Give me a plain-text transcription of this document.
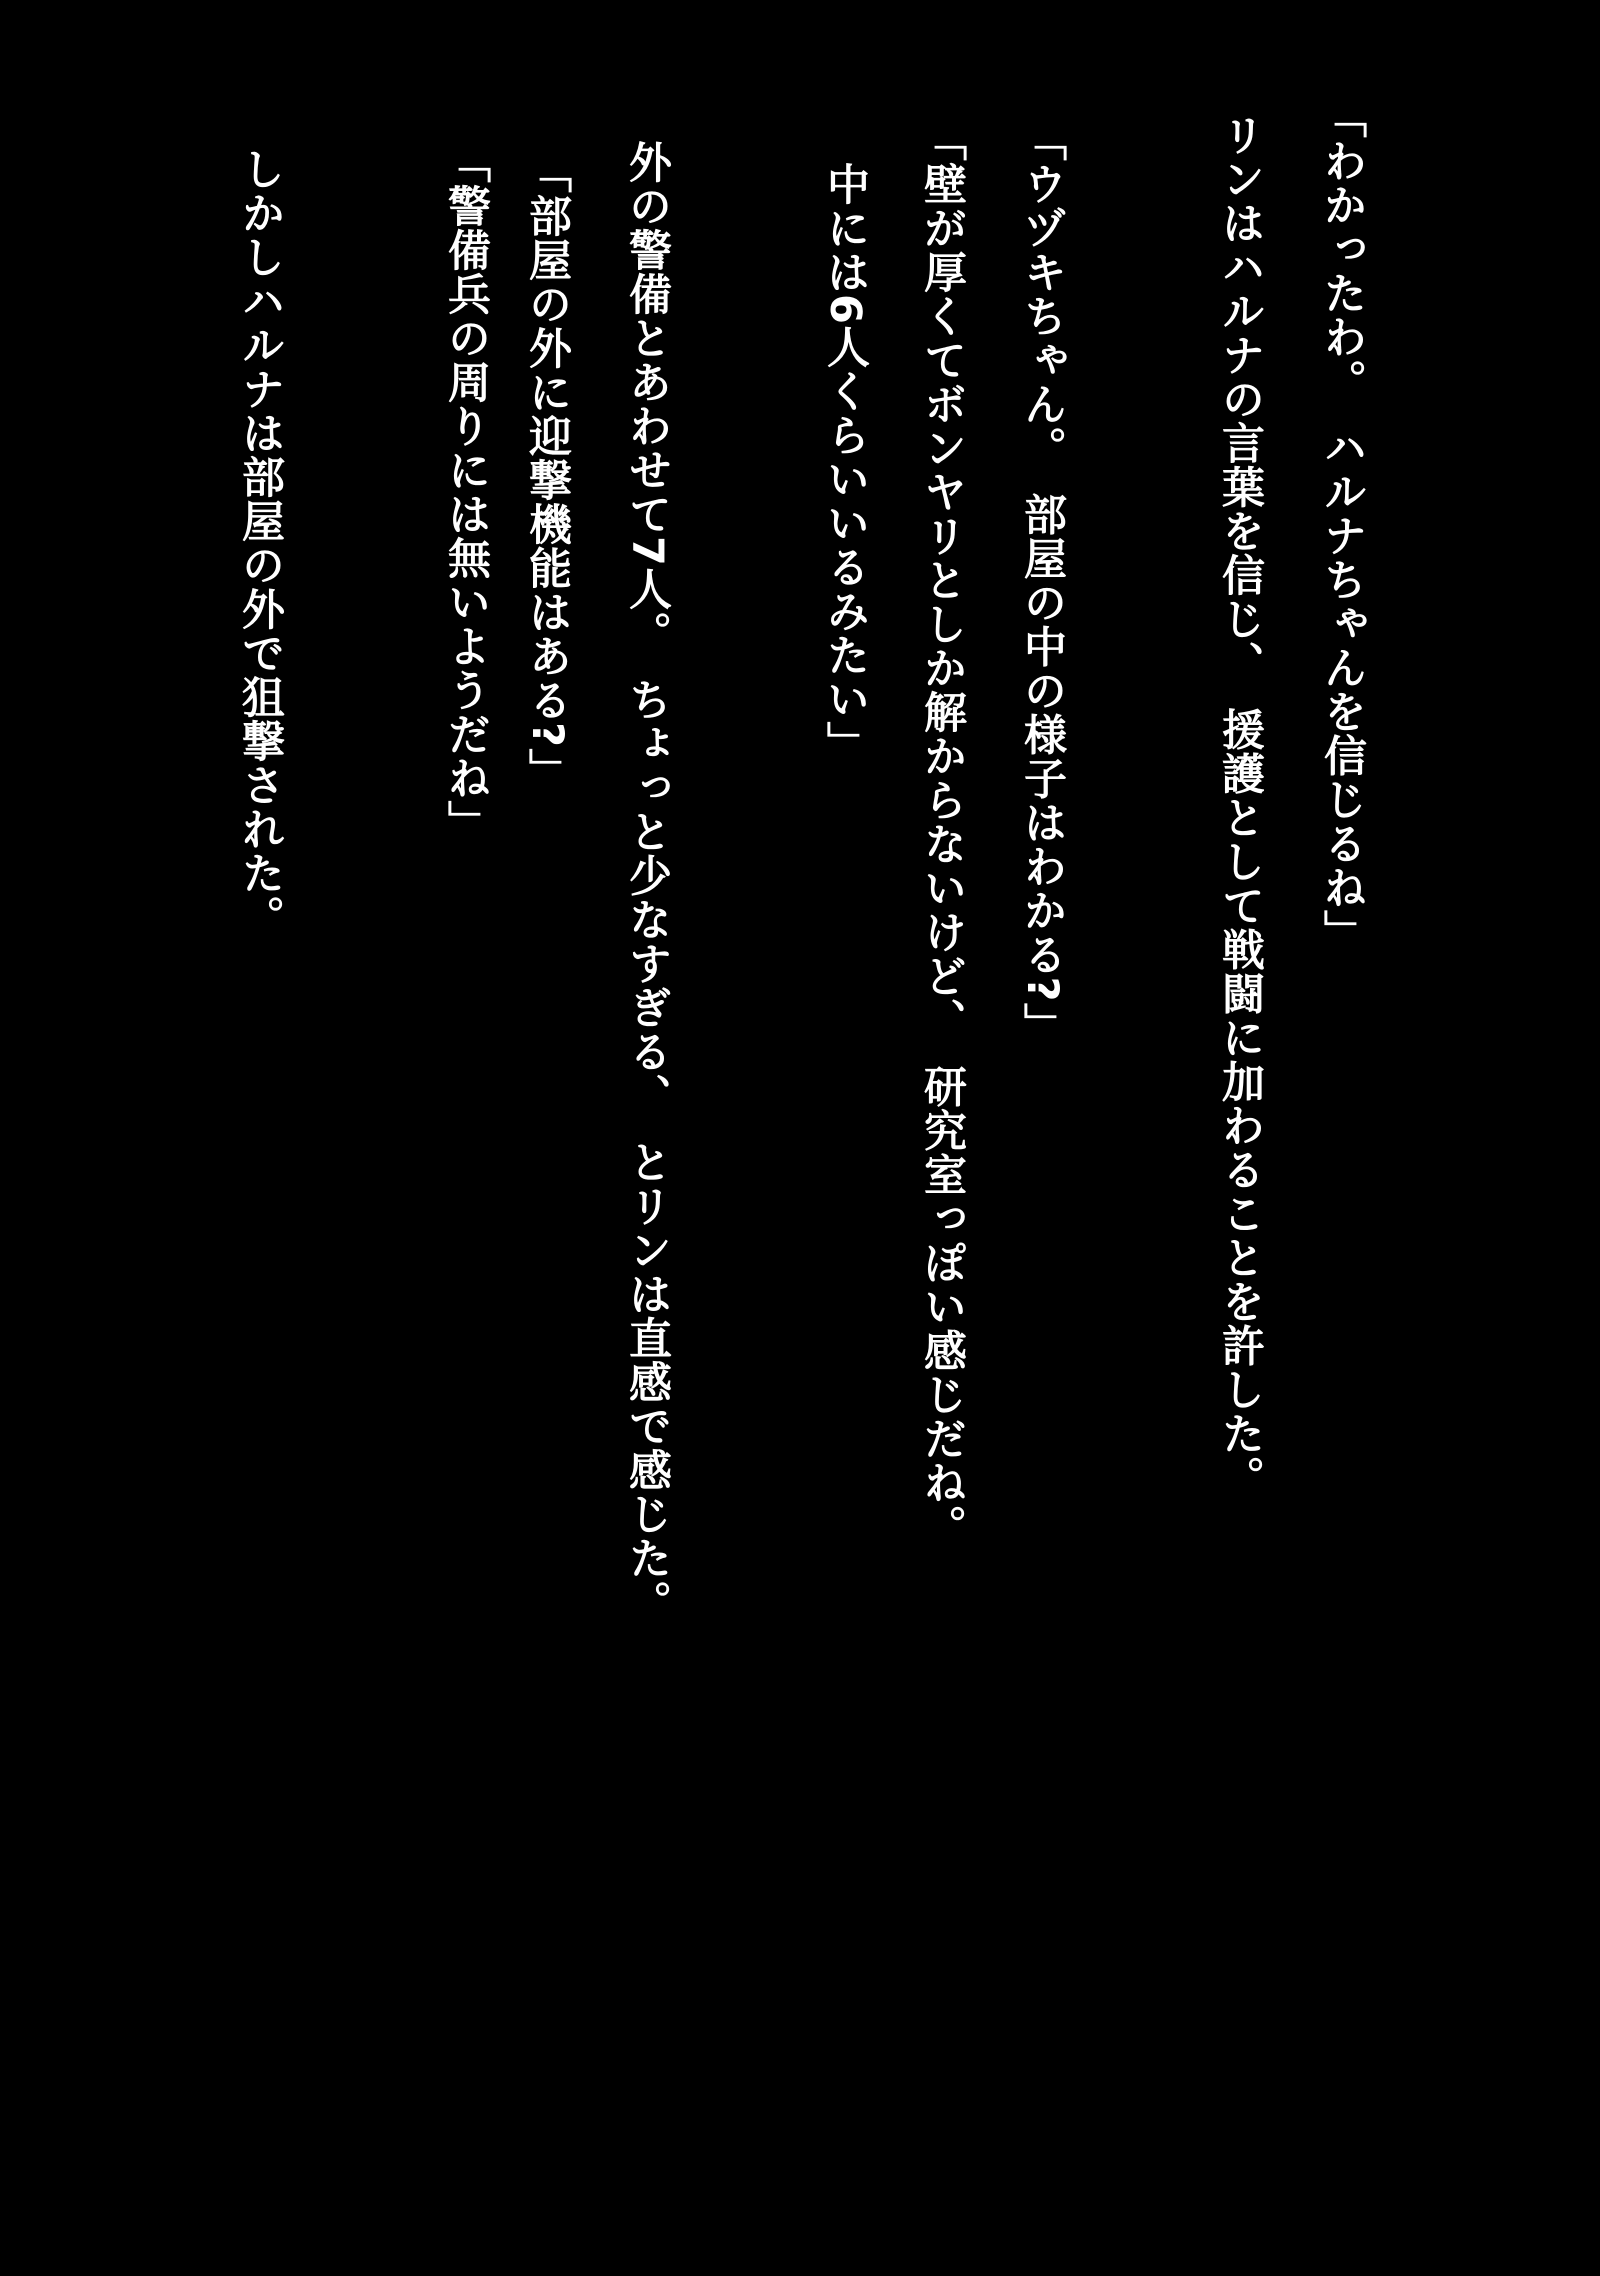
「わかったわ。　ハルナちゃんを信じるね」

リンはハルナの言葉を信じ、　援護として戦闘に加わることを許した。

「ウヅキちゃん。　部屋の中の様子はわかる?」

「壁が厚くてボンヤリとしか解からないけど、　研究室っぽい感じだね。

中には6人くらいいるみたい」

外の警備とあわせて7人。　ちょっと少なすぎる、　とリンは直感で感じた。

「部屋の外に迎撃機能はある?」

「警備兵の周りには無いようだね」

しかしハルナは部屋の外で狙撃された。
